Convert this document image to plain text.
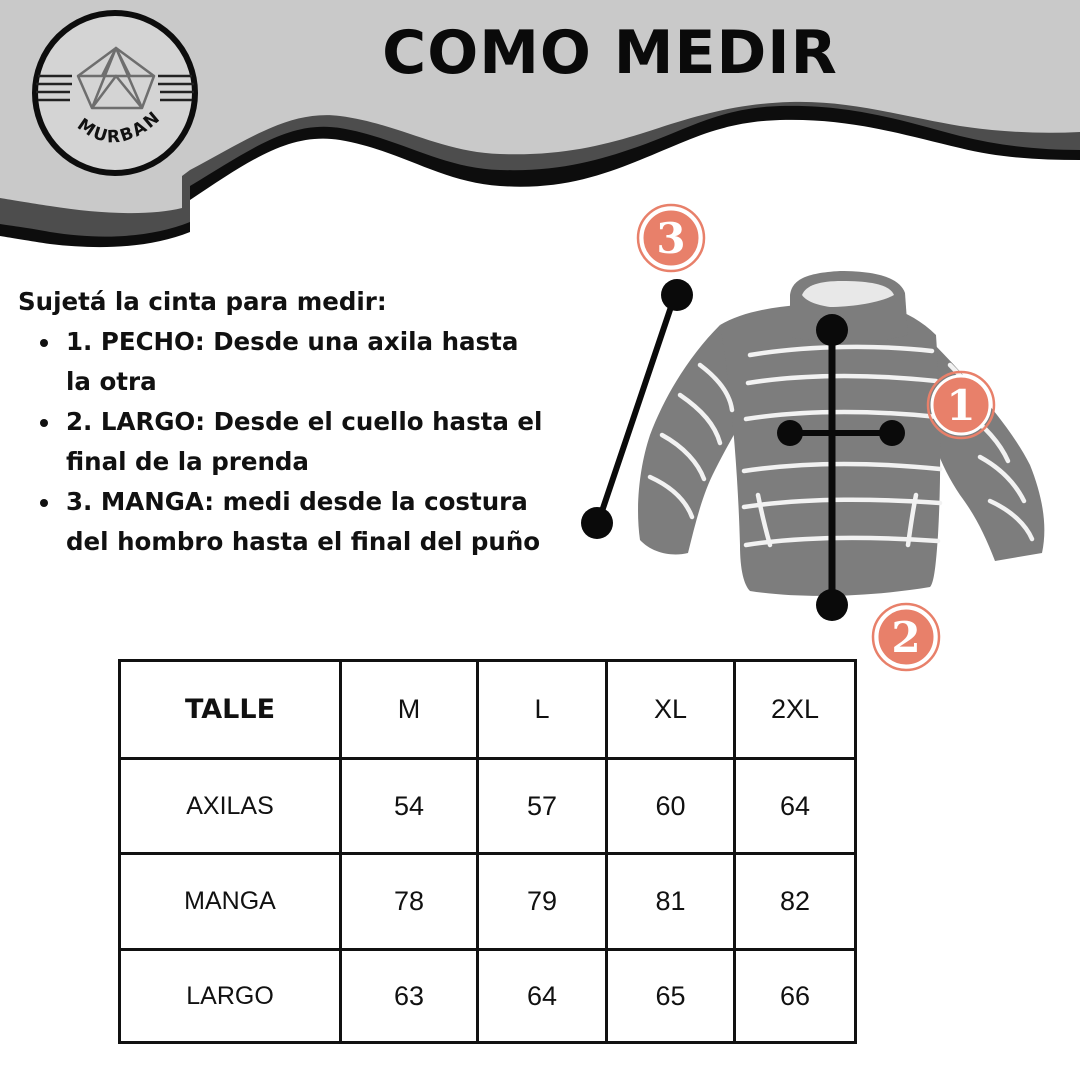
MURBAN
COMO MEDIR
Sujetá la cinta para medir:
1. PECHO: Desde una axila hasta
la otra
2. LARGO: Desde el cuello hasta el
final de la prenda
3. MANGA: medi desde la costura
del hombro hasta el final del puño
1
2
3
TALLE	M	L	XL	2XL
AXILAS	54	57	60	64
MANGA	78	79	81	82
LARGO	63	64	65	66
